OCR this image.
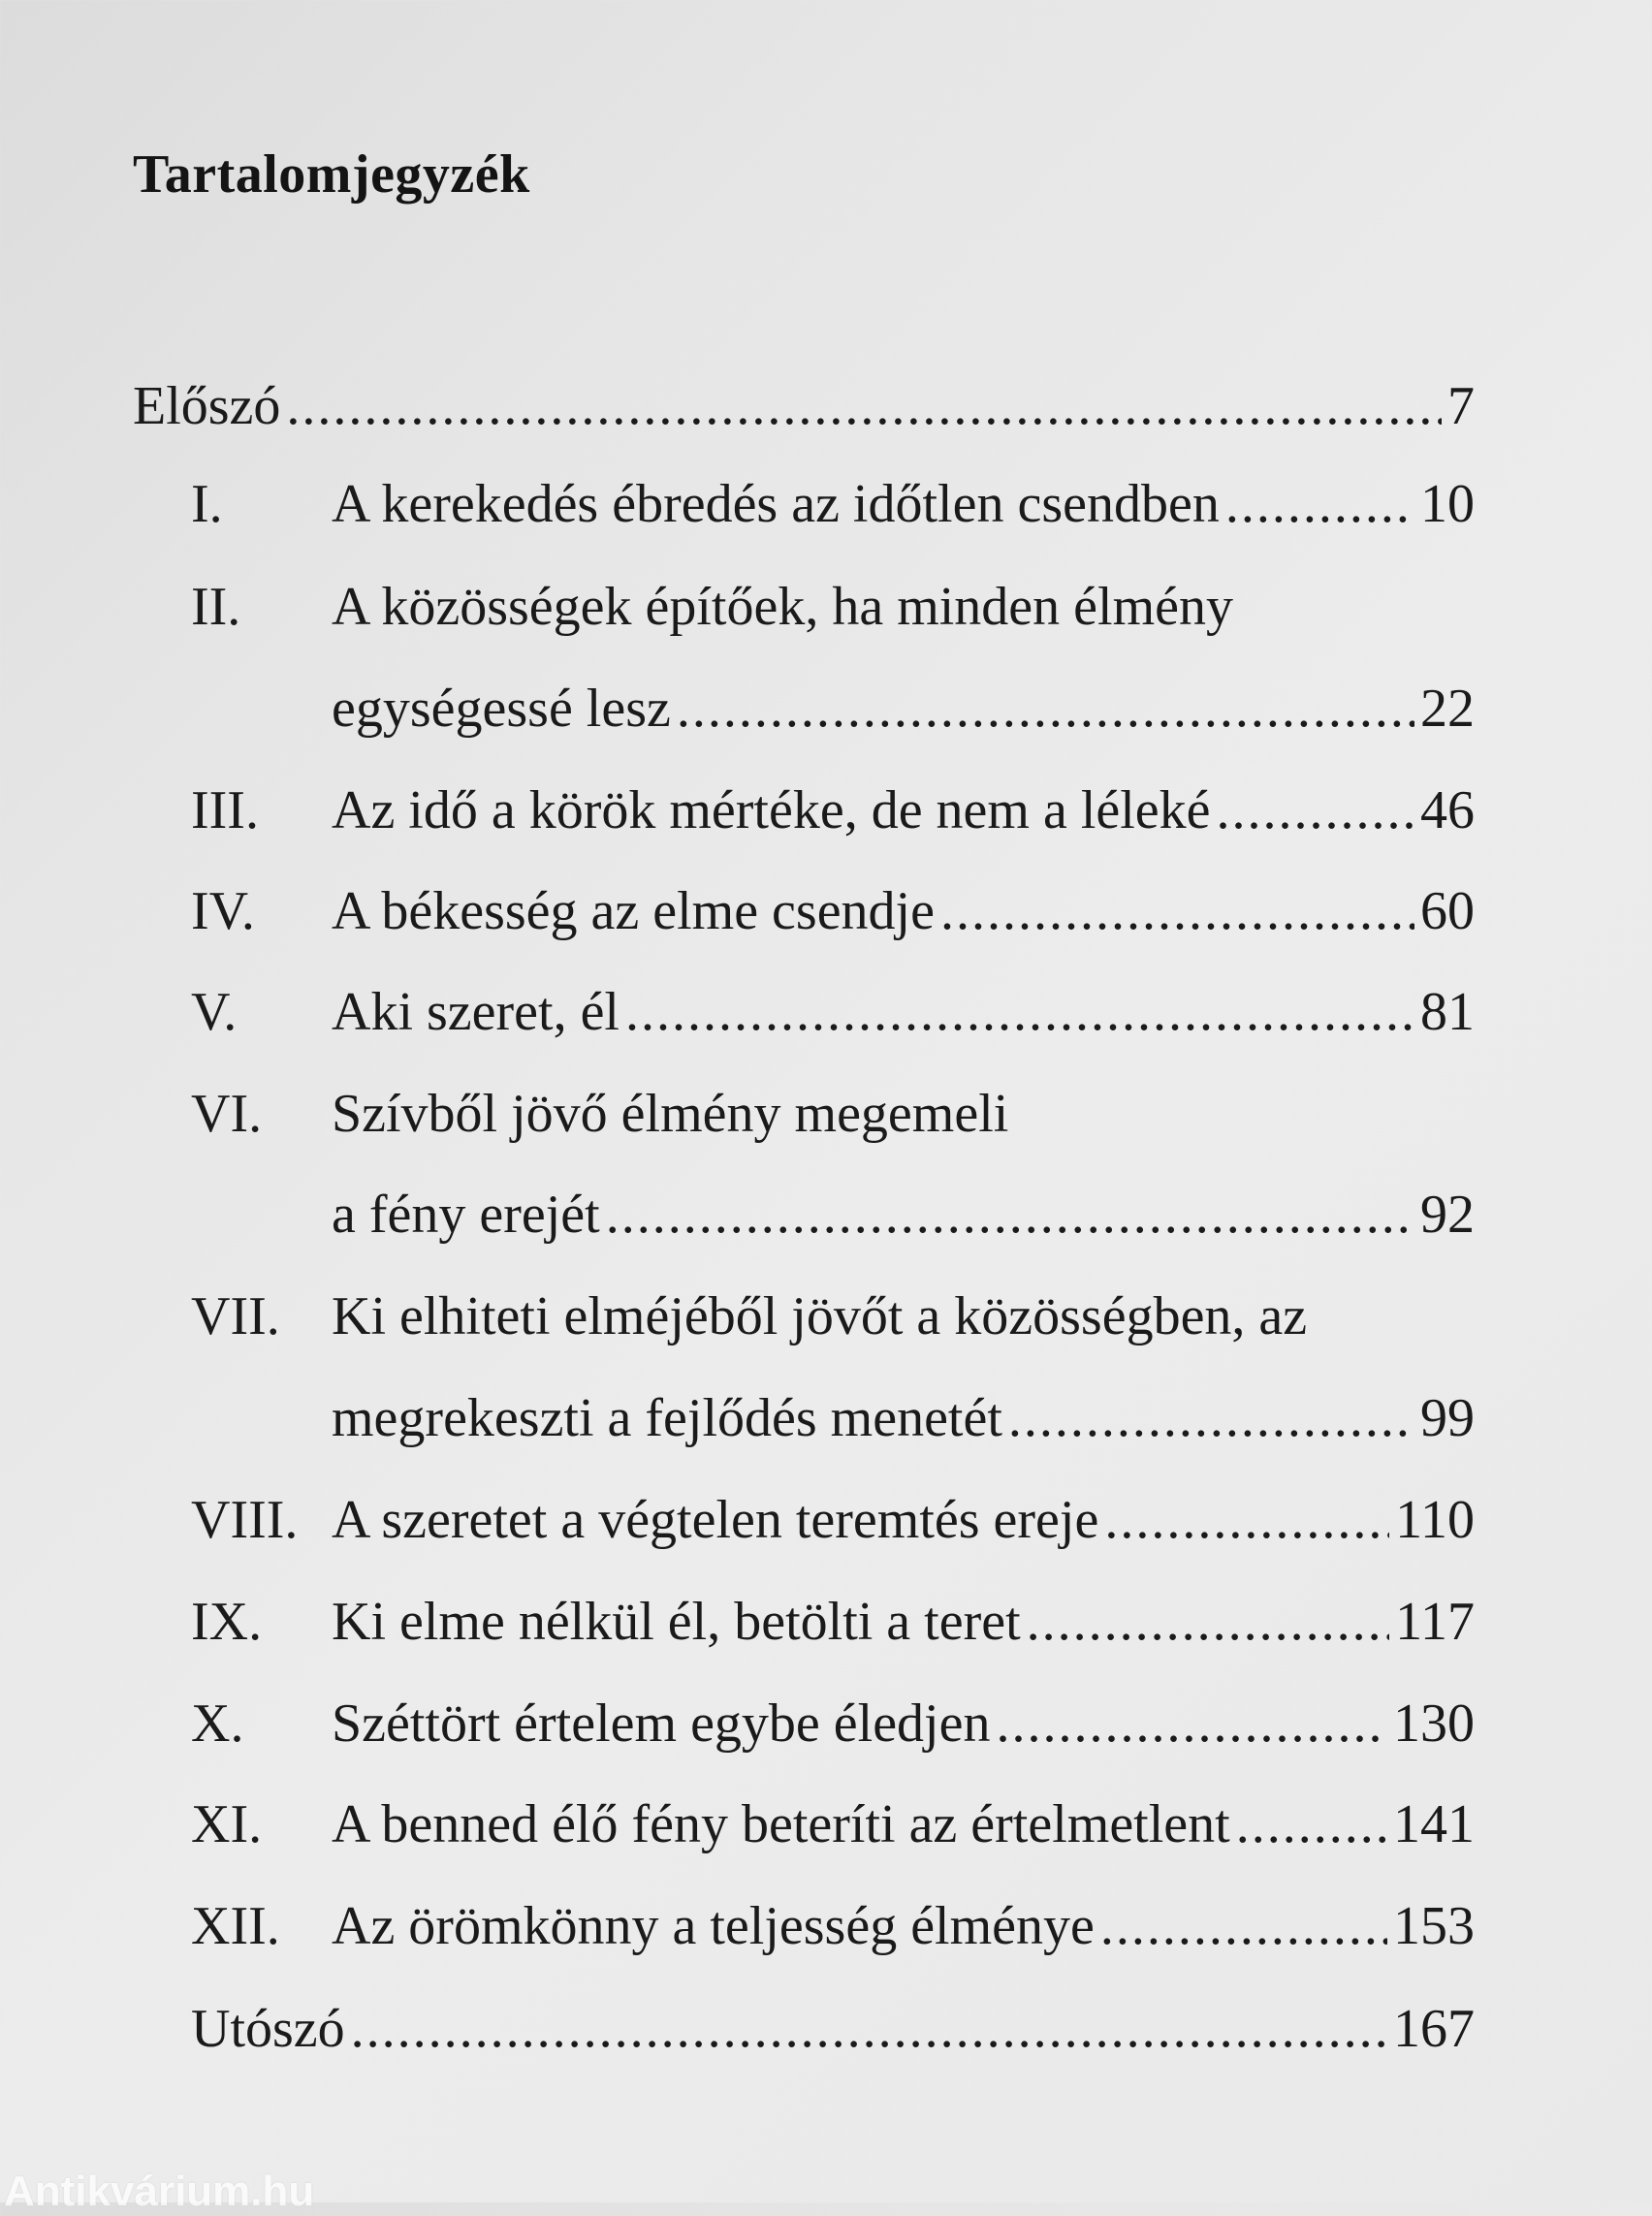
Tartalomjegyzék
Előszó .....	7
I. A kerekedés ébredés az időtlen csendben .....	10
II. A közösségek építőek, ha minden élmény
egységessé lesz .....	22
III. Az idő a körök mértéke, de nem a léleké .....	46
IV. A békesség az elme csendje .....	60
V. Aki szeret, él .....	81
VI. Szívből jövő élmény megemeli
a fény erejét .....	92
VII. Ki elhiteti elméjéből jövőt a közösségben, az
megrekeszti a fejlődés menetét .....	99
VIII. A szeretet a végtelen teremtés ereje .....	110
IX. Ki elme nélkül él, betölti a teret .....	117
X. Széttört értelem egybe éledjen .....	130
XI. A benned élő fény beteríti az értelmetlent .....	141
XII. Az örömkönny a teljesség élménye .....	153
Utószó .....	167
Antikvárium.hu
